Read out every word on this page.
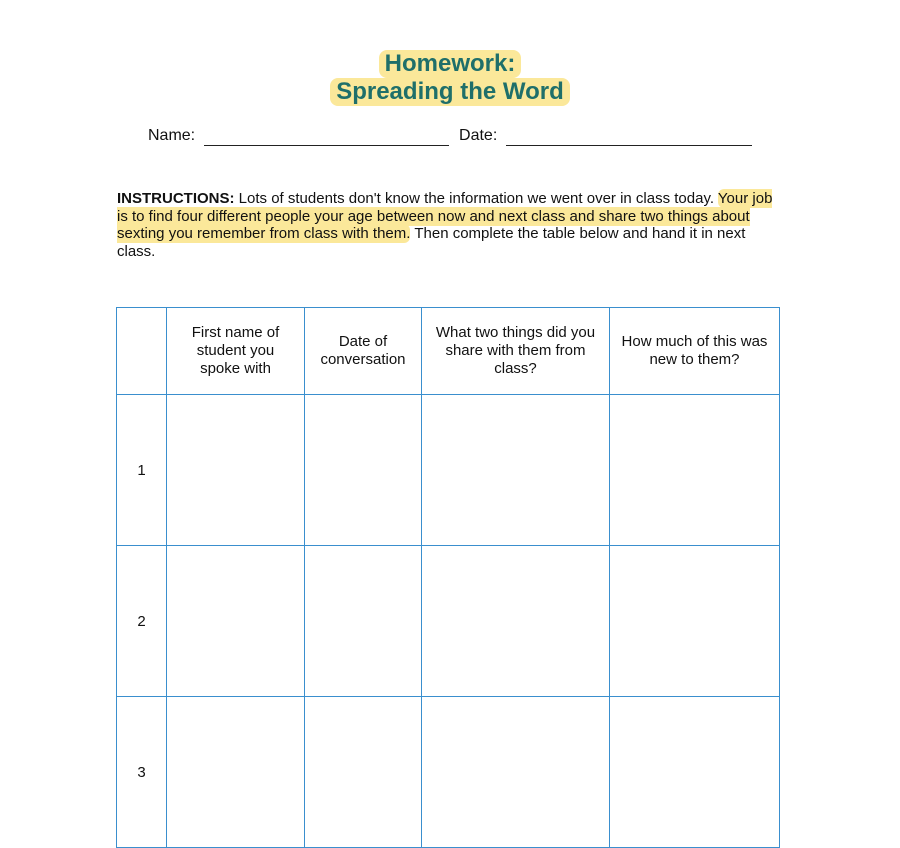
Homework:
Spreading the Word
Name:	Date:
INSTRUCTIONS: Lots of students don't know the information we went over in class today. Your job is to find four different people your age between now and next class and share two things about sexting you remember from class with them. Then complete the table below and hand it in next class.
	First name of student you spoke with	Date of conversation	What two things did you share with them from class?	How much of this was new to them?
1				
2				
3				
